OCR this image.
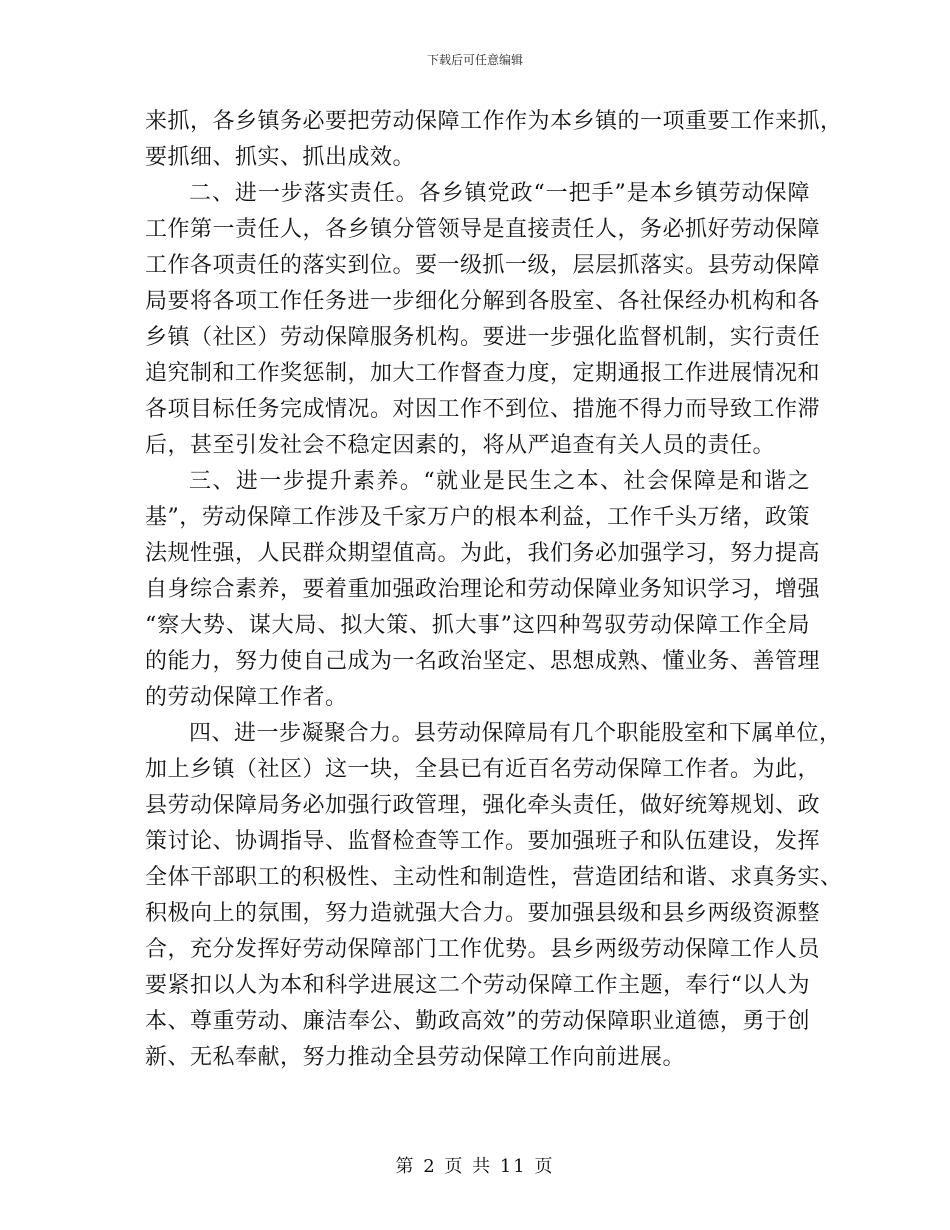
下载后可任意编辑
来抓，各乡镇务必要把劳动保障工作作为本乡镇的一项重要工作来抓，
要抓细、抓实、抓出成效。
二、进一步落实责任。各乡镇党政“一把手”是本乡镇劳动保障
工作第一责任人，各乡镇分管领导是直接责任人，务必抓好劳动保障
工作各项责任的落实到位。要一级抓一级，层层抓落实。县劳动保障
局要将各项工作任务进一步细化分解到各股室、各社保经办机构和各
乡镇（社区）劳动保障服务机构。要进一步强化监督机制，实行责任
追究制和工作奖惩制，加大工作督查力度，定期通报工作进展情况和
各项目标任务完成情况。对因工作不到位、措施不得力而导致工作滞
后，甚至引发社会不稳定因素的，将从严追查有关人员的责任。
三、进一步提升素养。“就业是民生之本、社会保障是和谐之
基”，劳动保障工作涉及千家万户的根本利益，工作千头万绪，政策
法规性强，人民群众期望值高。为此，我们务必加强学习，努力提高
自身综合素养，要着重加强政治理论和劳动保障业务知识学习，增强
“察大势、谋大局、拟大策、抓大事”这四种驾驭劳动保障工作全局
的能力，努力使自己成为一名政治坚定、思想成熟、懂业务、善管理
的劳动保障工作者。
四、进一步凝聚合力。县劳动保障局有几个职能股室和下属单位，
加上乡镇（社区）这一块，全县已有近百名劳动保障工作者。为此，
县劳动保障局务必加强行政管理，强化牵头责任，做好统筹规划、政
策讨论、协调指导、监督检查等工作。要加强班子和队伍建设，发挥
全体干部职工的积极性、主动性和制造性，营造团结和谐、求真务实、
积极向上的氛围，努力造就强大合力。要加强县级和县乡两级资源整
合，充分发挥好劳动保障部门工作优势。县乡两级劳动保障工作人员
要紧扣以人为本和科学进展这二个劳动保障工作主题，奉行“以人为
本、尊重劳动、廉洁奉公、勤政高效”的劳动保障职业道德，勇于创
新、无私奉献，努力推动全县劳动保障工作向前进展。
第 2 页 共 11 页
